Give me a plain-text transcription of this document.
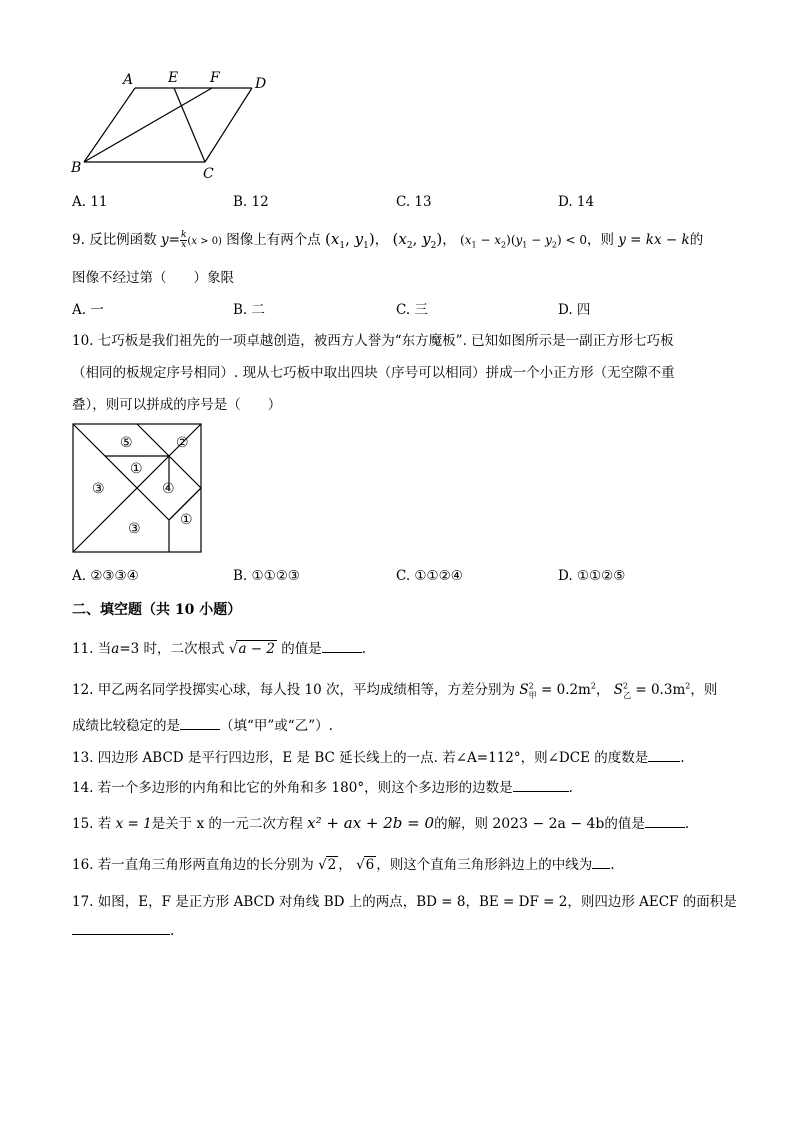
A E F	D
B	C
A. 11	B. 12	C. 13	D. 14
9. 反比例函数 $y= \frac{k}{x} (x > 0)$ 图像上有两个点 ($x_1$, $y_1$)， ($x_2$, $y_2$)， $(x_1 - x_2)(y_1 - y_2) < 0$，则 y = kx − k的
图像不经过第（　　）象限
A. 一	B. 二	C. 三	D. 四
10. 七巧板是我们祖先的一项卓越创造，被西方人誉为“东方魔板”. 已知如图所示是一副正方形七巧板
（相同的板规定序号相同）. 现从七巧板中取出四块（序号可以相同）拼成一个小正方形（无空隙不重
叠），则可以拼成的序号是（　　）
⑤	②
①
③	④
①
③
A. ②③③④	B. ①①②③	C. ①①②④	D. ①①②⑤
二、填空题（共 10 小题）
11. 当a=3 时，二次根式 √a − 2 的值是	.
12. 甲乙两名同学投掷实心球，每人投 10 次，平均成绩相等，方差分别为 $S^2_甲 = 0.2m^2$， $S^2_乙 = 0.3m^2$，则
成绩比较稳定的是	（填“甲”或“乙”）.
13. 四边形 ABCD 是平行四边形，E 是 BC 延长线上的一点. 若∠A=112°，则∠DCE 的度数是 .
14. 若一个多边形的内角和比它的外角和多 180°，则这个多边形的边数是	.
15. 若 x = 1是关于 x 的一元二次方程 x² + ax + 2b = 0的解，则 2023 − 2a − 4b的值是	.
16. 若一直角三角形两直角边的长分别为 √2 ， √6 ，则这个直角三角形斜边上的中线为 .
17. 如图，E，F 是正方形 ABCD 对角线 BD 上的两点，BD = 8，BE = DF = 2，则四边形 AECF 的面积是
.
